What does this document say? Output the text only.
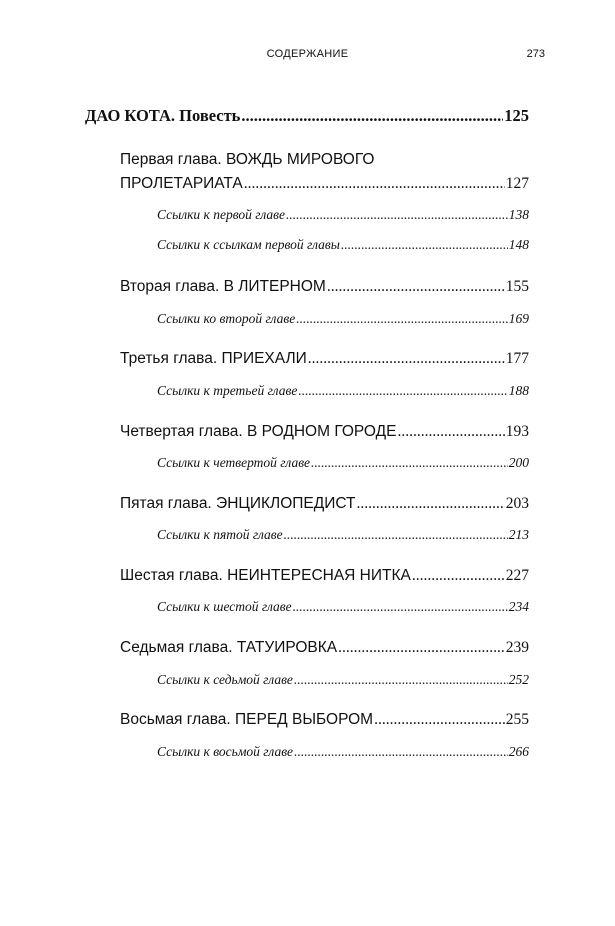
СОДЕРЖАНИЕ	273
ДАО КОТА. Повесть .....	125
Первая глава. ВОЖДЬ МИРОВОГО
ПРОЛЕТАРИАТА .....	127
Ссылки к первой главе .....	138
Ссылки к ссылкам первой главы .....	148
Вторая глава. В ЛИТЕРНОМ .....	155
Ссылки ко второй главе .....	169
Третья глава. ПРИЕХАЛИ .....	177
Ссылки к третьей главе .....	188
Четвертая глава. В РОДНОМ ГОРОДЕ .....	193
Ссылки к четвертой главе .....	200
Пятая глава. ЭНЦИКЛОПЕДИСТ .....	203
Ссылки к пятой главе .....	213
Шестая глава. НЕИНТЕРЕСНАЯ НИТКА .....	227
Ссылки к шестой главе .....	234
Седьмая глава. ТАТУИРОВКА .....	239
Ссылки к седьмой главе .....	252
Восьмая глава. ПЕРЕД ВЫБОРОМ .....	255
Ссылки к восьмой главе .....	266
